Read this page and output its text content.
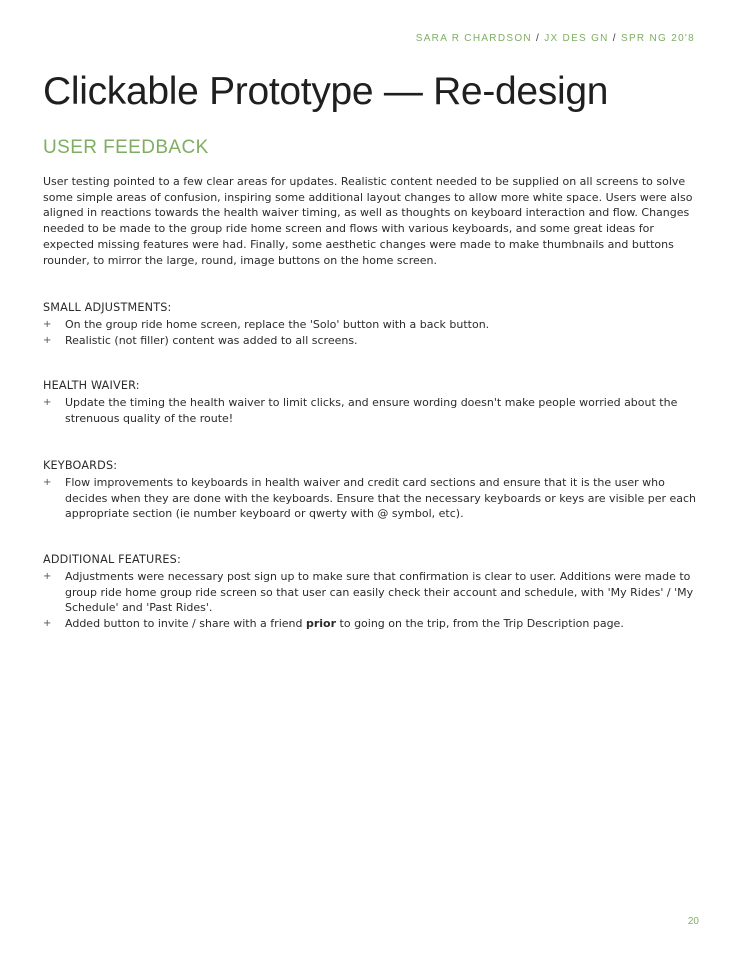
SARA R CHARDSON / JX DES GN / SPR NG 20'8
Clickable Prototype — Re-design
USER FEEDBACK

User testing pointed to a few clear areas for updates. Realistic content needed to be supplied on all screens to solve some simple areas of confusion, inspiring some additional layout changes to allow more white space. Users were also aligned in reactions towards the health waiver timing, as well as thoughts on keyboard interaction and flow. Changes needed to be made to the group ride home screen and flows with various keyboards, and some great ideas for expected missing features were had. Finally, some aesthetic changes were made to make thumbnails and buttons rounder, to mirror the large, round, image buttons on the home screen.

SMALL ADJUSTMENTS:
+ On the group ride home screen, replace the 'Solo' button with a back button.
+ Realistic (not filler) content was added to all screens.
HEALTH WAIVER:
+ Update the timing the health waiver to limit clicks, and ensure wording doesn't make people worried about the strenuous quality of the route!
KEYBOARDS:
+ Flow improvements to keyboards in health waiver and credit card sections and ensure that it is the user who decides when they are done with the keyboards. Ensure that the necessary keyboards or keys are visible per each appropriate section (ie number keyboard or qwerty with @ symbol, etc).
ADDITIONAL FEATURES:
+ Adjustments were necessary post sign up to make sure that confirmation is clear to user. Additions were made to group ride home group ride screen so that user can easily check their account and schedule, with 'My Rides' / 'My Schedule' and 'Past Rides'.
+ Added button to invite / share with a friend prior to going on the trip, from the Trip Description page.
20
